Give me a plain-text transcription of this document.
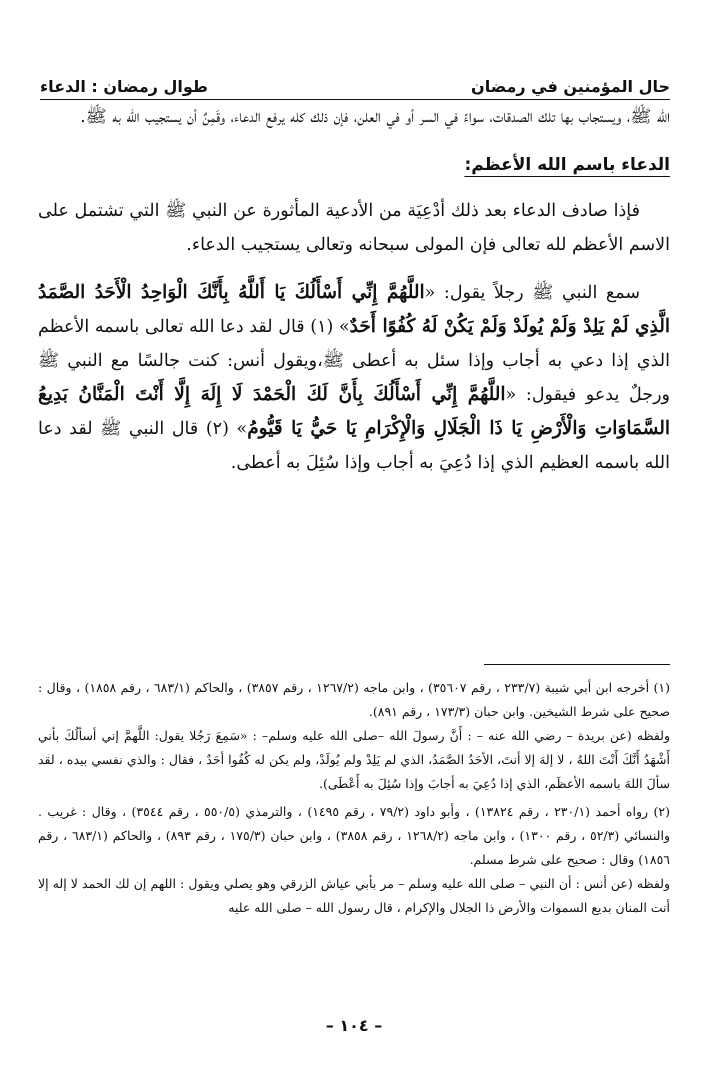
حال المؤمنين في رمضان
طوال رمضان : الدعاء

الله ﷺ، ويستجاب بها تلك الصدقات، سواءً في السر أو في العلن، فإن ذلك كله يرفع الدعاء، وقَمِنٌ أن يستجيب الله به ﷺ.

الدعاء باسم الله الأعظم:

فإذا صادف الدعاء بعد ذلك أدْعِيَة من الأدعية المأثورة عن النبي ﷺ التي تشتمل على الاسم الأعظم لله تعالى فإن المولى سبحانه وتعالى يستجيب الدعاء.

سمع النبي ﷺ رجلاً يقول: «اللَّهُمَّ إِنِّي أَسْأَلُكَ يَا أَللَّهُ بِأَنَّكَ الْوَاحِدُ الْأَحَدُ الصَّمَدُ الَّذِي لَمْ يَلِدْ وَلَمْ يُولَدْ وَلَمْ يَكُنْ لَهُ كُفُوًا أَحَدٌ» (١) قال لقد دعا الله تعالى باسمه الأعظم الذي إذا دعي به أجاب وإذا سئل به أعطى ﷺ،ويقول أنس: كنت جالسًا مع النبي ﷺ ورجلٌ يدعو فيقول: «اللَّهُمَّ إِنِّي أَسْأَلُكَ بِأَنَّ لَكَ الْحَمْدَ لَا إِلَهَ إِلَّا أَنْتَ الْمَنَّانُ بَدِيعُ السَّمَاوَاتِ وَالْأَرْضِ يَا ذَا الْجَلَالِ وَالْإِكْرَامِ يَا حَيُّ يَا قَيُّومُ» (٢) قال النبي ﷺ لقد دعا الله باسمه العظيم الذي إذا دُعِيَ به أجاب وإذا سُئِلَ به أعطى.

(١) أخرجه ابن أبي شيبة (٢٣٣/٧ ، رقم ٣٥٦٠٧) ، وابن ماجه (١٢٦٧/٢ ، رقم ٣٨٥٧) ، والحاكم (٦٨٣/١ ، رقم ١٨٥٨) ، وقال : صحيح على شرط الشيخين. وابن حبان (١٧٣/٣ ، رقم ٨٩١).

ولفظه (عن بريدة – رضي الله عنه – : أَنَّ رسولَ الله –صلى الله عليه وسلم– : «سَمِعَ رَجُلا يقول: اللَّهمَّ إني أسألُكَ بأني أَشْهَدُ أَنَّكَ أَنْتَ اللهُ ، لا إلهَ إلا أنتَ، الأحَدُ الصَّمَدُ، الذي لم يَلِدْ ولم يُولَدْ، ولم يكن له كُفُوا أحَدٌ ، فقال : والذي نفسي بيده ، لقد سألَ اللهَ باسمه الأعظَم، الذي إذا دُعِيَ به أجابَ وإذا سُئِلَ به أَعْطَى).

(٢) رواه أحمد (٢٣٠/١ ، رقم ١٣٨٢٤) ، وأبو داود (٧٩/٢ ، رقم ١٤٩٥) ، والترمذي (٥٥٠/٥ ، رقم ٣٥٤٤) ، وقال : غريب . والنسائي (٥٢/٣ ، رقم ١٣٠٠) ، وابن ماجه (١٢٦٨/٢ ، رقم ٣٨٥٨) ، وابن حبان (١٧٥/٣ ، رقم ٨٩٣) ، والحاكم (٦٨٣/١ ، رقم ١٨٥٦) وقال : صحيح على شرط مسلم.

ولفظه (عن أنس : أن النبي – صلى الله عليه وسلم – مر بأبي عياش الزرقي وهو يصلي ويقول : اللهم إن لك الحمد لا إله إلا أنت المنان بديع السموات والأرض ذا الجلال والإكرام ، قال رسول الله – صلى الله عليه

– ١٠٤ –
